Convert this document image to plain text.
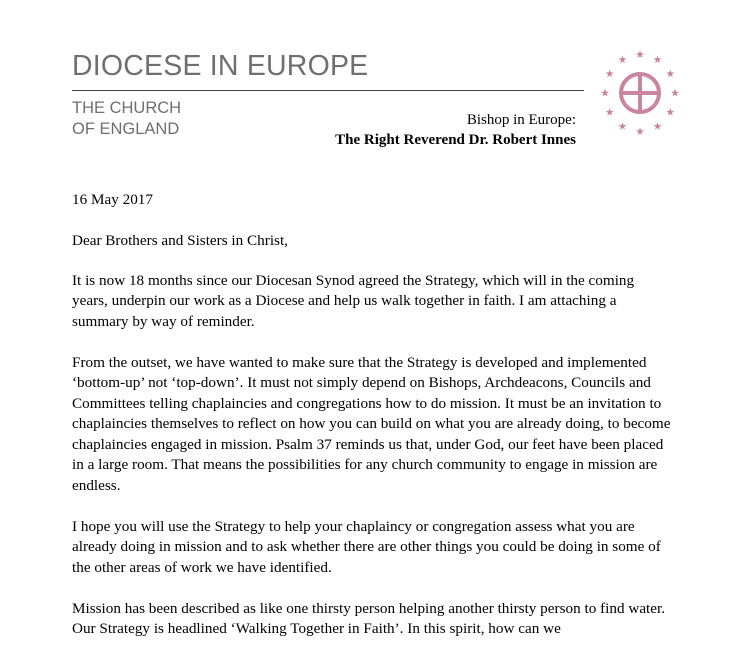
DIOCESE IN EUROPE
THE CHURCH
OF ENGLAND	Bishop in Europe:
The Right Reverend Dr. Robert Innes

16 May 2017

Dear Brothers and Sisters in Christ,

It is now 18 months since our Diocesan Synod agreed the Strategy, which will in the coming years, underpin our work as a Diocese and help us walk together in faith. I am attaching a summary by way of reminder.

From the outset, we have wanted to make sure that the Strategy is developed and implemented ‘bottom-up’ not ‘top-down’. It must not simply depend on Bishops, Archdeacons, Councils and Committees telling chaplaincies and congregations how to do mission. It must be an invitation to chaplaincies themselves to reflect on how you can build on what you are already doing, to become chaplaincies engaged in mission. Psalm 37 reminds us that, under God, our feet have been placed in a large room. That means the possibilities for any church community to engage in mission are endless.

I hope you will use the Strategy to help your chaplaincy or congregation assess what you are already doing in mission and to ask whether there are other things you could be doing in some of the other areas of work we have identified.

Mission has been described as like one thirsty person helping another thirsty person to find water. Our Strategy is headlined ‘Walking Together in Faith’. In this spirit, how can we
